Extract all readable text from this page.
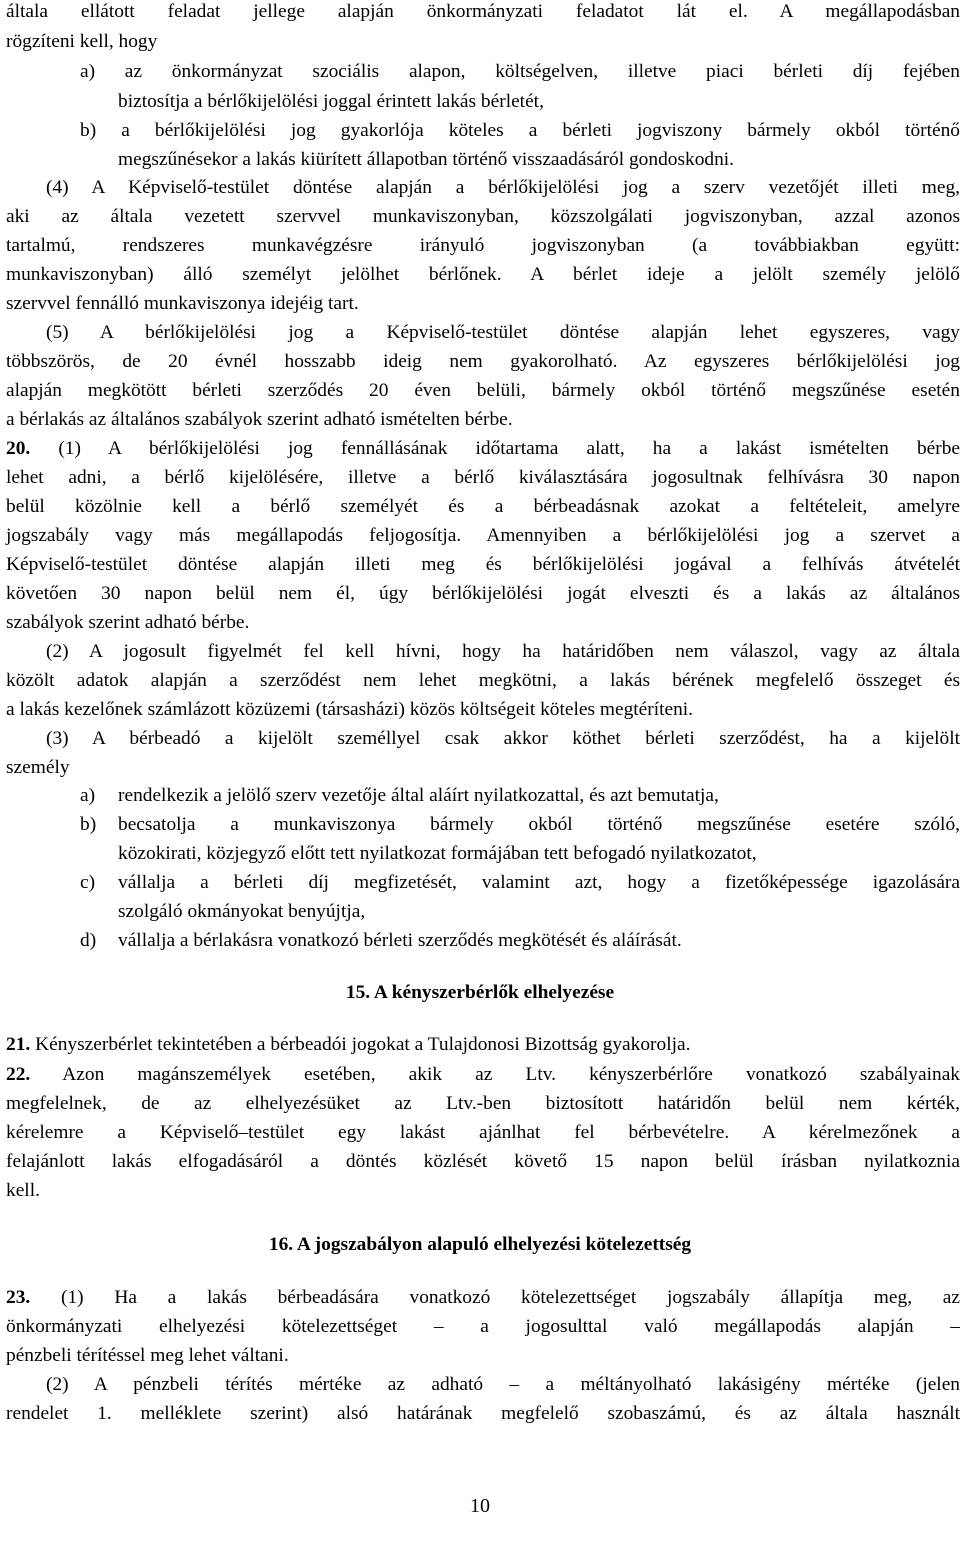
általa ellátott feladat jellege alapján önkormányzati feladatot lát el. A megállapodásban
rögzíteni kell, hogy
a) az önkormányzat szociális alapon, költségelven, illetve piaci bérleti díj fejében
biztosítja a bérlőkijelölési joggal érintett lakás bérletét,
b) a bérlőkijelölési jog gyakorlója köteles a bérleti jogviszony bármely okból történő
megszűnésekor a lakás kiürített állapotban történő visszaadásáról gondoskodni.
(4) A Képviselő-testület döntése alapján a bérlőkijelölési jog a szerv vezetőjét illeti meg,
aki az általa vezetett szervvel munkaviszonyban, közszolgálati jogviszonyban, azzal azonos
tartalmú, rendszeres munkavégzésre irányuló jogviszonyban (a továbbiakban együtt:
munkaviszonyban) álló személyt jelölhet bérlőnek. A bérlet ideje a jelölt személy jelölő
szervvel fennálló munkaviszonya idejéig tart.
(5) A bérlőkijelölési jog a Képviselő-testület döntése alapján lehet egyszeres, vagy
többszörös, de 20 évnél hosszabb ideig nem gyakorolható. Az egyszeres bérlőkijelölési jog
alapján megkötött bérleti szerződés 20 éven belüli, bármely okból történő megszűnése esetén
a bérlakás az általános szabályok szerint adható ismételten bérbe.
20. (1) A bérlőkijelölési jog fennállásának időtartama alatt, ha a lakást ismételten bérbe
lehet adni, a bérlő kijelölésére, illetve a bérlő kiválasztására jogosultnak felhívásra 30 napon
belül közölnie kell a bérlő személyét és a bérbeadásnak azokat a feltételeit, amelyre
jogszabály vagy más megállapodás feljogosítja. Amennyiben a bérlőkijelölési jog a szervet a
Képviselő-testület döntése alapján illeti meg és bérlőkijelölési jogával a felhívás átvételét
követően 30 napon belül nem él, úgy bérlőkijelölési jogát elveszti és a lakás az általános
szabályok szerint adható bérbe.
(2) A jogosult figyelmét fel kell hívni, hogy ha határidőben nem válaszol, vagy az általa
közölt adatok alapján a szerződést nem lehet megkötni, a lakás bérének megfelelő összeget és
a lakás kezelőnek számlázott közüzemi (társasházi) közös költségeit köteles megtéríteni.
(3) A bérbeadó a kijelölt személlyel csak akkor köthet bérleti szerződést, ha a kijelölt
személy
a)	rendelkezik a jelölő szerv vezetője által aláírt nyilatkozattal, és azt bemutatja,
b)	becsatolja a munkaviszonya bármely okból történő megszűnése esetére szóló,
közokirati, közjegyző előtt tett nyilatkozat formájában tett befogadó nyilatkozatot,
c)	vállalja a bérleti díj megfizetését, valamint azt, hogy a fizetőképessége igazolására
szolgáló okmányokat benyújtja,
d)	vállalja a bérlakásra vonatkozó bérleti szerződés megkötését és aláírását.
15. A kényszerbérlők elhelyezése
21. Kényszerbérlet tekintetében a bérbeadói jogokat a Tulajdonosi Bizottság gyakorolja.
22. Azon magánszemélyek esetében, akik az Ltv. kényszerbérlőre vonatkozó szabályainak
megfelelnek, de az elhelyezésüket az Ltv.-ben biztosított határidőn belül nem kérték,
kérelemre a Képviselő–testület egy lakást ajánlhat fel bérbevételre. A kérelmezőnek a
felajánlott lakás elfogadásáról a döntés közlését követő 15 napon belül írásban nyilatkoznia
kell.
16. A jogszabályon alapuló elhelyezési kötelezettség
23. (1) Ha a lakás bérbeadására vonatkozó kötelezettséget jogszabály állapítja meg, az
önkormányzati elhelyezési kötelezettséget – a jogosulttal való megállapodás alapján –
pénzbeli térítéssel meg lehet váltani.
(2) A pénzbeli térítés mértéke az adható – a méltányolható lakásigény mértéke (jelen
rendelet 1. melléklete szerint) alsó határának megfelelő szobaszámú, és az általa használt
10
